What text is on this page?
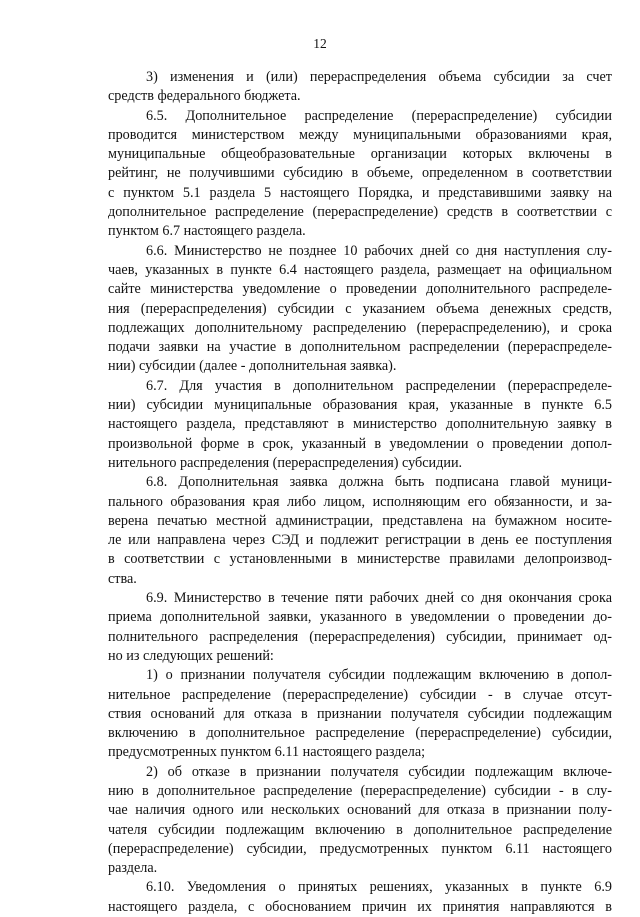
12
3) изменения и (или) перераспределения объема субсидии за счет
средств федерального бюджета.
6.5. Дополнительное распределение (перераспределение) субсидии
проводится министерством между муниципальными образованиями края,
муниципальные общеобразовательные организации которых включены в
рейтинг, не получившими субсидию в объеме, определенном в соответствии
с пунктом 5.1 раздела 5 настоящего Порядка, и представившими заявку на
дополнительное распределение (перераспределение) средств в соответствии с
пунктом 6.7 настоящего раздела.
6.6. Министерство не позднее 10 рабочих дней со дня наступления слу-
чаев, указанных в пункте 6.4 настоящего раздела, размещает на официальном
сайте министерства уведомление о проведении дополнительного распределе-
ния (перераспределения) субсидии с указанием объема денежных средств,
подлежащих дополнительному распределению (перераспределению), и срока
подачи заявки на участие в дополнительном распределении (перераспределе-
нии) субсидии (далее - дополнительная заявка).
6.7. Для участия в дополнительном распределении (перераспределе-
нии) субсидии муниципальные образования края, указанные в пункте 6.5
настоящего раздела, представляют в министерство дополнительную заявку в
произвольной форме в срок, указанный в уведомлении о проведении допол-
нительного распределения (перераспределения) субсидии.
6.8. Дополнительная заявка должна быть подписана главой муници-
пального образования края либо лицом, исполняющим его обязанности, и за-
верена печатью местной администрации, представлена на бумажном носите-
ле или направлена через СЭД и подлежит регистрации в день ее поступления
в соответствии с установленными в министерстве правилами делопроизвод-
ства.
6.9. Министерство в течение пяти рабочих дней со дня окончания срока
приема дополнительной заявки, указанного в уведомлении о проведении до-
полнительного распределения (перераспределения) субсидии, принимает од-
но из следующих решений:
1) о признании получателя субсидии подлежащим включению в допол-
нительное распределение (перераспределение) субсидии - в случае отсут-
ствия оснований для отказа в признании получателя субсидии подлежащим
включению в дополнительное распределение (перераспределение) субсидии,
предусмотренных пунктом 6.11 настоящего раздела;
2) об отказе в признании получателя субсидии подлежащим включе-
нию в дополнительное распределение (перераспределение) субсидии - в слу-
чае наличия одного или нескольких оснований для отказа в признании полу-
чателя субсидии подлежащим включению в дополнительное распределение
(перераспределение) субсидии, предусмотренных пунктом 6.11 настоящего
раздела.
6.10. Уведомления о принятых решениях, указанных в пункте 6.9
настоящего раздела, с обоснованием причин их принятия направляются в
